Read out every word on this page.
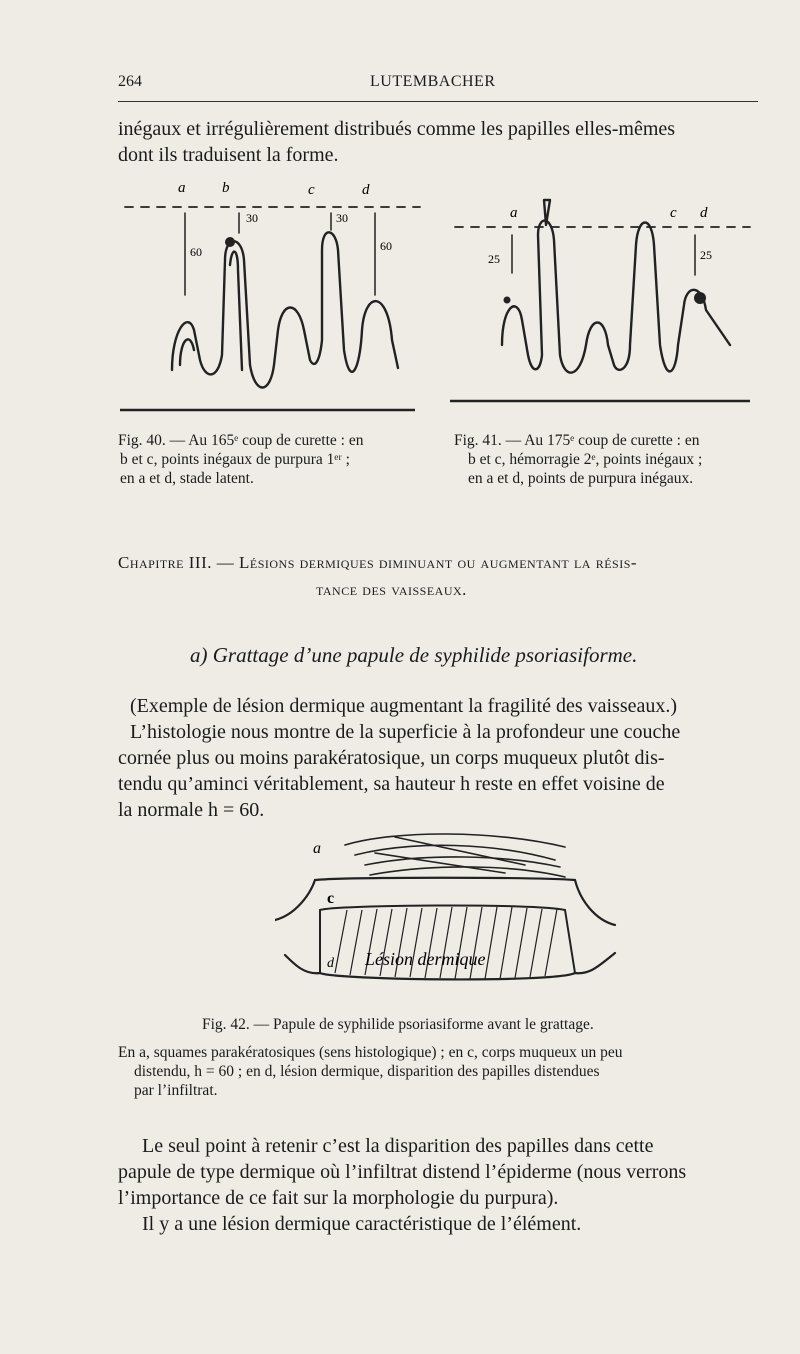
264	LUTEMBACHER
inégaux et irrégulièrement distribués comme les papilles elles-mêmes
dont ils traduisent la forme.
a b	c	d
30	30
60	60
a	c d
25	25
Fig. 40. — Au 165ᵉ coup de curette : en
b et c, points inégaux de purpura 1ᵉʳ ;
en a et d, stade latent.
Fig. 41. — Au 175ᵉ coup de curette : en
b et c, hémorragie 2ᵉ, points inégaux ;
en a et d, points de purpura inégaux.
Chapitre III. — Lésions dermiques diminuant ou augmentant la résis-
tance des vaisseaux.
a) Grattage d’une papule de syphilide psoriasiforme.
(Exemple de lésion dermique augmentant la fragilité des vaisseaux.)
L’histologie nous montre de la superficie à la profondeur une couche
cornée plus ou moins parakératosique, un corps muqueux plutôt dis-
tendu qu’aminci véritablement, sa hauteur h reste en effet voisine de
la normale h = 60.
a
c
d Lésion dermique
Fig. 42. — Papule de syphilide psoriasiforme avant le grattage.
En a, squames parakératosiques (sens histologique) ; en c, corps muqueux un peu
distendu, h = 60 ; en d, lésion dermique, disparition des papilles distendues
par l’infiltrat.
Le seul point à retenir c’est la disparition des papilles dans cette
papule de type dermique où l’infiltrat distend l’épiderme (nous verrons
l’importance de ce fait sur la morphologie du purpura).
Il y a une lésion dermique caractéristique de l’élément.
